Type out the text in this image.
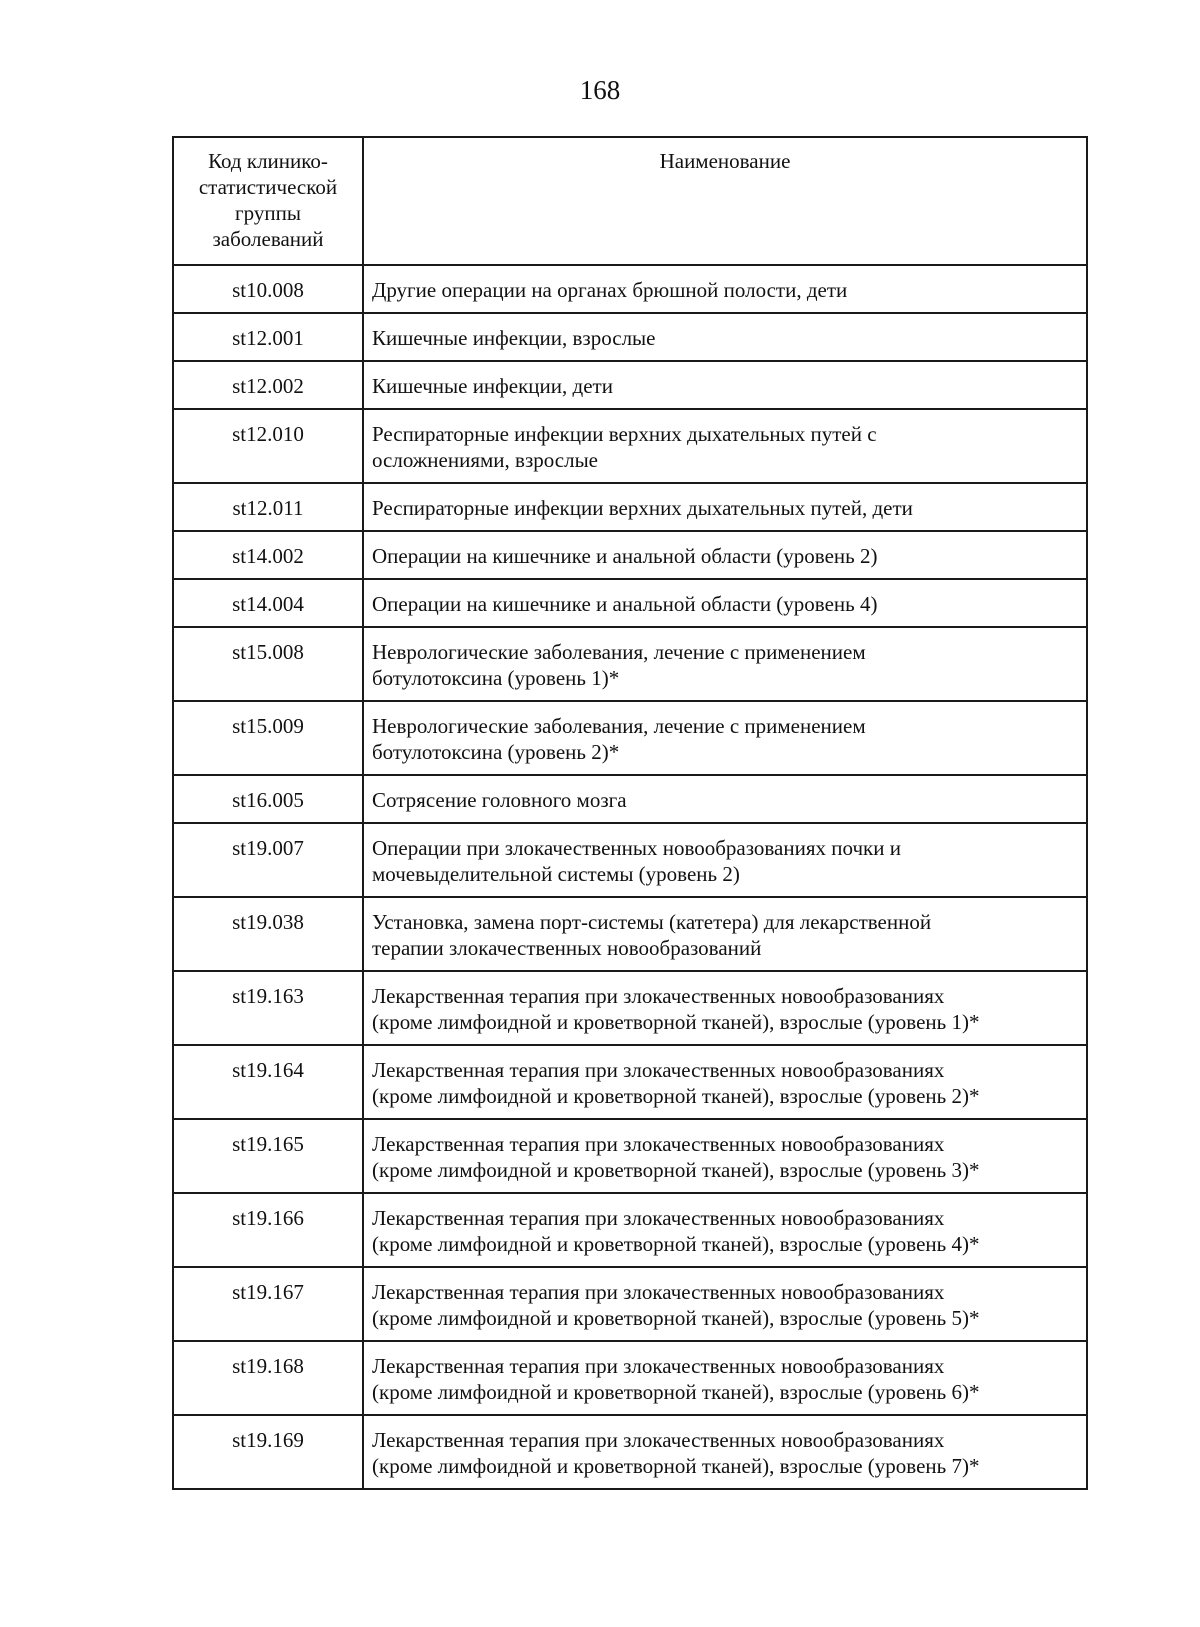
168
Код клинико-
статистической
группы
заболеваний	Наименование
st10.008	Другие операции на органах брюшной полости, дети

st12.001	Кишечные инфекции, взрослые

st12.002	Кишечные инфекции, дети

st12.010	Респираторные инфекции верхних дыхательных путей с
осложнениями, взрослые

st12.011	Респираторные инфекции верхних дыхательных путей, дети

st14.002	Операции на кишечнике и анальной области (уровень 2)

st14.004	Операции на кишечнике и анальной области (уровень 4)

st15.008	Неврологические заболевания, лечение с применением
ботулотоксина (уровень 1)*

st15.009	Неврологические заболевания, лечение с применением
ботулотоксина (уровень 2)*

st16.005	Сотрясение головного мозга

st19.007	Операции при злокачественных новообразованиях почки и
мочевыделительной системы (уровень 2)

st19.038	Установка, замена порт-системы (катетера) для лекарственной
терапии злокачественных новообразований

st19.163	Лекарственная терапия при злокачественных новообразованиях
(кроме лимфоидной и кроветворной тканей), взрослые (уровень 1)*

st19.164	Лекарственная терапия при злокачественных новообразованиях
(кроме лимфоидной и кроветворной тканей), взрослые (уровень 2)*

st19.165	Лекарственная терапия при злокачественных новообразованиях
(кроме лимфоидной и кроветворной тканей), взрослые (уровень 3)*

st19.166	Лекарственная терапия при злокачественных новообразованиях
(кроме лимфоидной и кроветворной тканей), взрослые (уровень 4)*

st19.167	Лекарственная терапия при злокачественных новообразованиях
(кроме лимфоидной и кроветворной тканей), взрослые (уровень 5)*

st19.168	Лекарственная терапия при злокачественных новообразованиях
(кроме лимфоидной и кроветворной тканей), взрослые (уровень 6)*

st19.169	Лекарственная терапия при злокачественных новообразованиях
(кроме лимфоидной и кроветворной тканей), взрослые (уровень 7)*
